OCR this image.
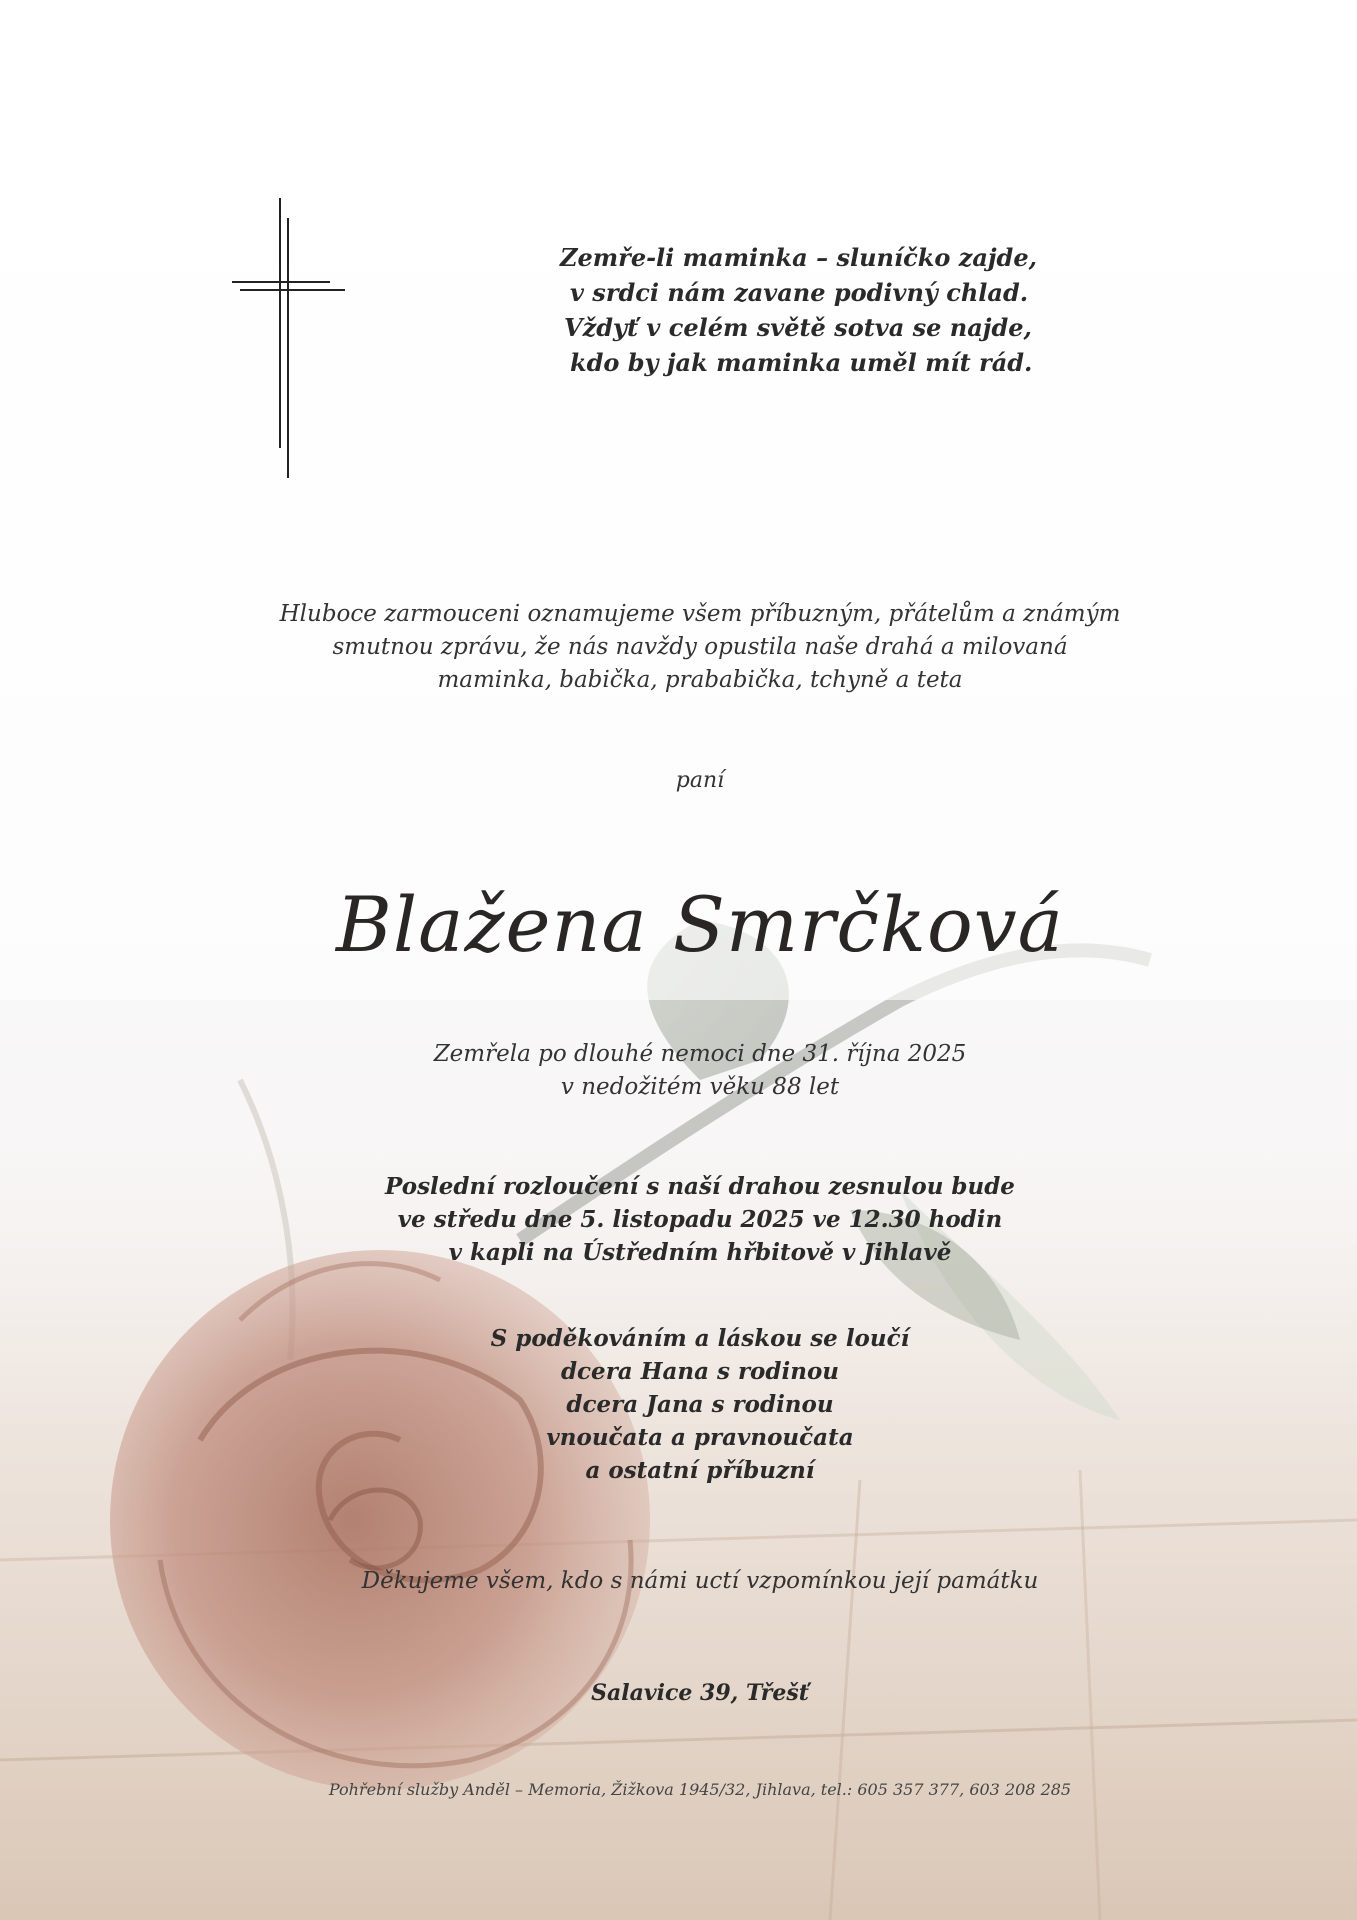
Zemře-li maminka – sluníčko zajde,
v srdci nám zavane podivný chlad.
Vždyť v celém světě sotva se najde,
kdo by jak maminka uměl mít rád.
Hluboce zarmouceni oznamujeme všem příbuzným, přátelům a známým
smutnou zprávu, že nás navždy opustila naše drahá a milovaná
maminka, babička, prababička, tchyně a teta
paní
Blažena Smrčková
Zemřela po dlouhé nemoci dne 31. října 2025
v nedožitém věku 88 let
Poslední rozloučení s naší drahou zesnulou bude
ve středu dne 5. listopadu 2025 ve 12.30 hodin
v kapli na Ústředním hřbitově v Jihlavě
S poděkováním a láskou se loučí
dcera Hana s rodinou
dcera Jana s rodinou
vnoučata a pravnoučata
a ostatní příbuzní
Děkujeme všem, kdo s námi uctí vzpomínkou její památku
Salavice 39, Třešť
Pohřební služby Anděl – Memoria, Žižkova 1945/32, Jihlava, tel.: 605 357 377, 603 208 285
